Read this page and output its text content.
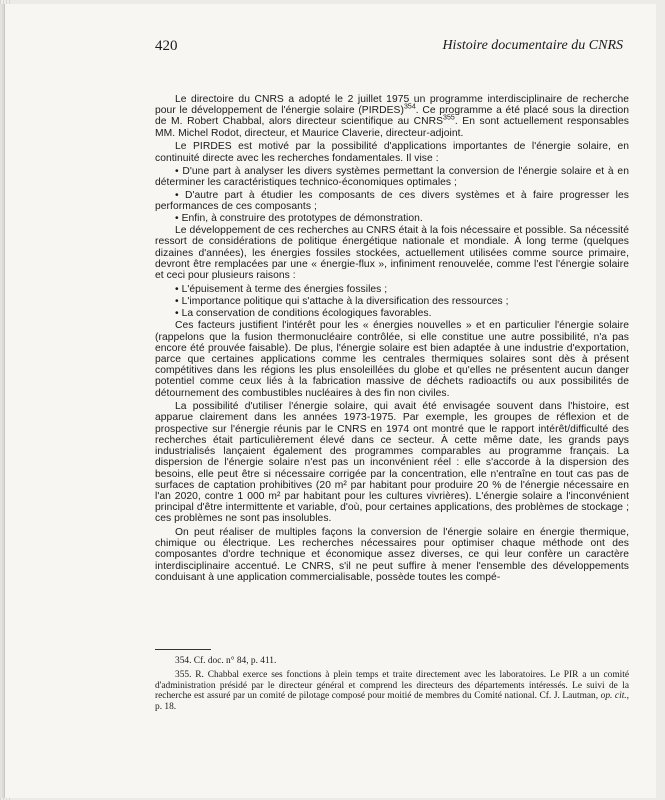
420	Histoire documentaire du CNRS

Le directoire du CNRS a adopté le 2 juillet 1975 un programme interdisciplinaire de recherche pour le développement de l'énergie solaire (PIRDES)$^{354}$. Ce programme a été placé sous la direction de M. Robert Chabbal, alors directeur scientifique au CNRS$^{355}$. En sont actuellement responsables MM. Michel Rodot, directeur, et Maurice Claverie, directeur-adjoint.

Le PIRDES est motivé par la possibilité d'applications importantes de l'énergie solaire, en continuité directe avec les recherches fondamentales. Il vise :

• D'une part à analyser les divers systèmes permettant la conversion de l'énergie solaire et à en déterminer les caractéristiques technico-économiques optimales ;

• D'autre part à étudier les composants de ces divers systèmes et à faire progresser les performances de ces composants ;

• Enfin, à construire des prototypes de démonstration.

Le développement de ces recherches au CNRS était à la fois nécessaire et possible. Sa nécessité ressort de considérations de politique énergétique nationale et mondiale. À long terme (quelques dizaines d'années), les énergies fossiles stockées, actuellement utilisées comme source primaire, devront être remplacées par une « énergie-flux », infiniment renouvelée, comme l'est l'énergie solaire et ceci pour plusieurs raisons :

• L'épuisement à terme des énergies fossiles ;

• L'importance politique qui s'attache à la diversification des ressources ;

• La conservation de conditions écologiques favorables.

Ces facteurs justifient l'intérêt pour les « énergies nouvelles » et en particulier l'énergie solaire (rappelons que la fusion thermonucléaire contrôlée, si elle constitue une autre possibilité, n'a pas encore été prouvée faisable). De plus, l'énergie solaire est bien adaptée à une industrie d'exportation, parce que certaines applications comme les centrales thermiques solaires sont dès à présent compétitives dans les régions les plus ensoleillées du globe et qu'elles ne présentent aucun danger potentiel comme ceux liés à la fabrication massive de déchets radioactifs ou aux possibilités de détournement des combustibles nucléaires à des fin non civiles.

La possibilité d'utiliser l'énergie solaire, qui avait été envisagée souvent dans l'histoire, est apparue clairement dans les années 1973-1975. Par exemple, les groupes de réflexion et de prospective sur l'énergie réunis par le CNRS en 1974 ont montré que le rapport intérêt/difficulté des recherches était particulièrement élevé dans ce secteur. À cette même date, les grands pays industrialisés lançaient également des programmes comparables au programme français. La dispersion de l'énergie solaire n'est pas un inconvénient réel : elle s'accorde à la dispersion des besoins, elle peut être si nécessaire corrigée par la concentration, elle n'entraîne en tout cas pas de surfaces de captation prohibitives (20 m² par habitant pour produire 20 % de l'énergie nécessaire en l'an 2020, contre 1 000 m² par habitant pour les cultures vivrières). L'énergie solaire a l'inconvénient principal d'être intermittente et variable, d'où, pour certaines applications, des problèmes de stockage ; ces problèmes ne sont pas insolubles.

On peut réaliser de multiples façons la conversion de l'énergie solaire en énergie thermique, chimique ou électrique. Les recherches nécessaires pour optimiser chaque méthode ont des composantes d'ordre technique et économique assez diverses, ce qui leur confère un caractère interdisciplinaire accentué. Le CNRS, s'il ne peut suffire à mener l'ensemble des développements conduisant à une application commercialisable, possède toutes les compé-

354. Cf. doc. n° 84, p. 411.

355. R. Chabbal exerce ses fonctions à plein temps et traite directement avec les laboratoires. Le PIR a un comité d'administration présidé par le directeur général et comprend les directeurs des départements intéressés. Le suivi de la recherche est assuré par un comité de pilotage composé pour moitié de membres du Comité national. Cf. J. Lautman, op. cit., p. 18.
